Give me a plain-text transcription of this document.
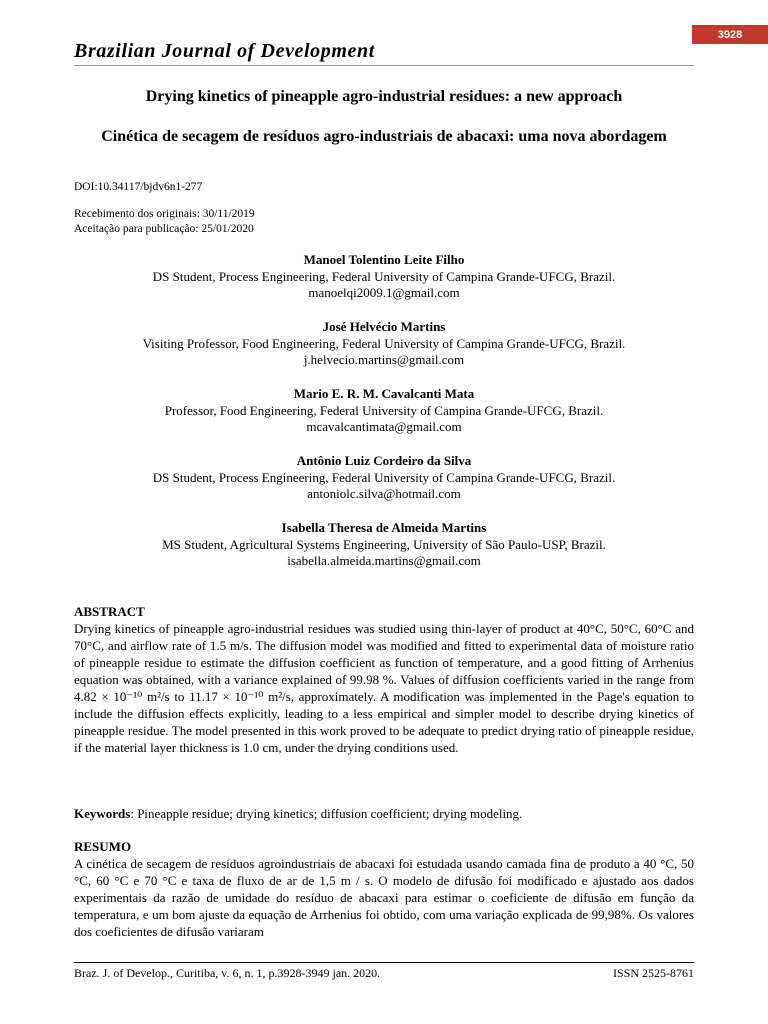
3928
Brazilian Journal of Development
Drying kinetics of pineapple agro-industrial residues: a new approach
Cinética de secagem de resíduos agro-industriais de abacaxi: uma nova abordagem
DOI:10.34117/bjdv6n1-277
Recebimento dos originais: 30/11/2019
Aceitação para publicação: 25/01/2020
Manoel Tolentino Leite Filho
DS Student, Process Engineering, Federal University of Campina Grande-UFCG, Brazil.
manoelqi2009.1@gmail.com
José Helvécio Martins
Visiting Professor, Food Engineering, Federal University of Campina Grande-UFCG, Brazil.
j.helvecio.martins@gmail.com
Mario E. R. M. Cavalcanti Mata
Professor, Food Engineering, Federal University of Campina Grande-UFCG, Brazil.
mcavalcantimata@gmail.com
Antônio Luiz Cordeiro da Silva
DS Student, Process Engineering, Federal University of Campina Grande-UFCG, Brazil.
antoniolc.silva@hotmail.com
Isabella Theresa de Almeida Martins
MS Student, Agricultural Systems Engineering, University of São Paulo-USP, Brazil.
isabella.almeida.martins@gmail.com
ABSTRACT
Drying kinetics of pineapple agro-industrial residues was studied using thin-layer of product at 40°C, 50°C, 60°C and 70°C, and airflow rate of 1.5 m/s. The diffusion model was modified and fitted to experimental data of moisture ratio of pineapple residue to estimate the diffusion coefficient as function of temperature, and a good fitting of Arrhenius equation was obtained, with a variance explained of 99.98 %. Values of diffusion coefficients varied in the range from 4.82 × 10⁻¹⁰ m²/s to 11.17 × 10⁻¹⁰ m²/s, approximately. A modification was implemented in the Page's equation to include the diffusion effects explicitly, leading to a less empirical and simpler model to describe drying kinetics of pineapple residue. The model presented in this work proved to be adequate to predict drying ratio of pineapple residue, if the material layer thickness is 1.0 cm, under the drying conditions used.
Keywords: Pineapple residue; drying kinetics; diffusion coefficient; drying modeling.
RESUMO
A cinética de secagem de resíduos agroindustriais de abacaxi foi estudada usando camada fina de produto a 40 °C, 50 °C, 60 °C e 70 °C e taxa de fluxo de ar de 1,5 m / s. O modelo de difusão foi modificado e ajustado aos dados experimentais da razão de umidade do resíduo de abacaxi para estimar o coeficiente de difusão em função da temperatura, e um bom ajuste da equação de Arrhenius foi obtido, com uma variação explicada de 99,98%. Os valores dos coeficientes de difusão variaram
Braz. J. of Develop., Curitiba, v. 6, n. 1, p.3928-3949 jan. 2020.	ISSN 2525-8761
